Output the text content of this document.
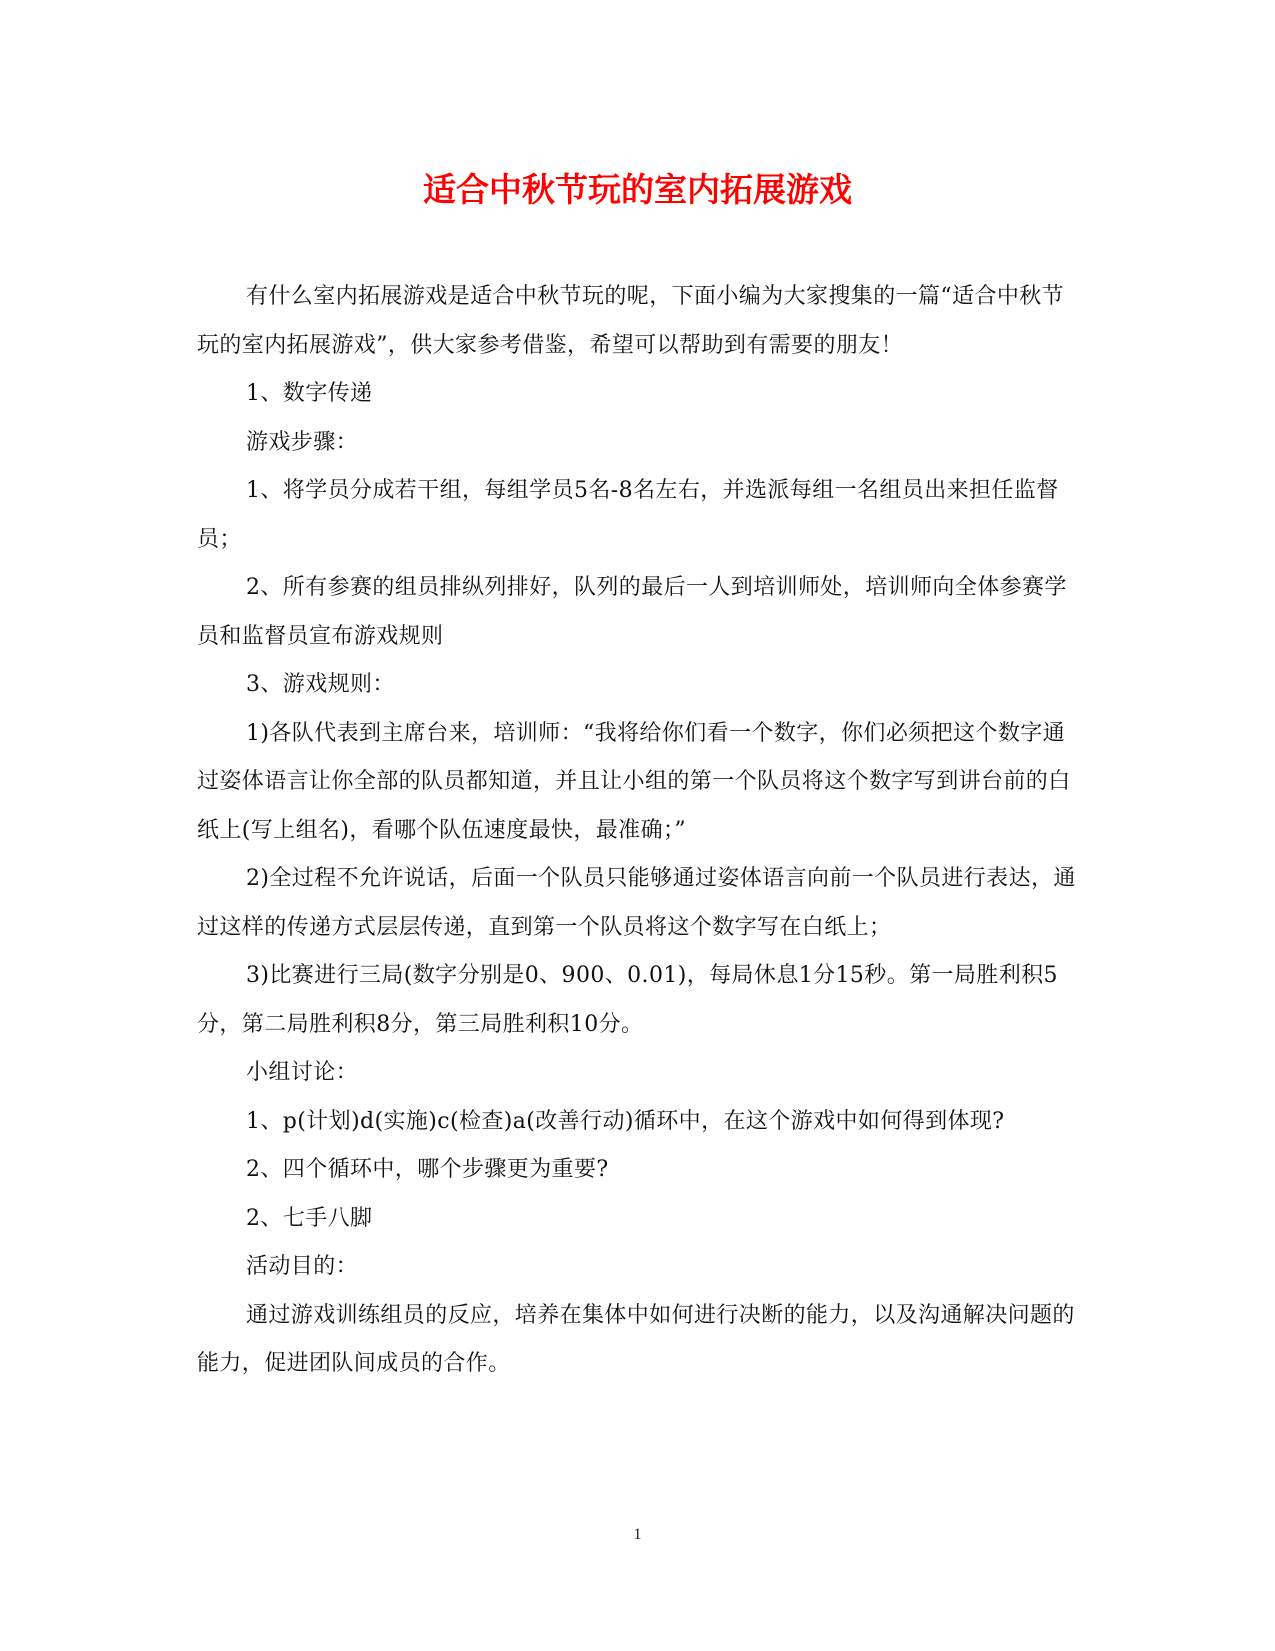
适合中秋节玩的室内拓展游戏

有什么室内拓展游戏是适合中秋节玩的呢，下面小编为大家搜集的一篇“适合中秋节玩的室内拓展游戏”，供大家参考借鉴，希望可以帮助到有需要的朋友！

1、数字传递

游戏步骤：

1、将学员分成若干组，每组学员5名-8名左右，并选派每组一名组员出来担任监督员；

2、所有参赛的组员排纵列排好，队列的最后一人到培训师处，培训师向全体参赛学员和监督员宣布游戏规则

3、游戏规则：

1)各队代表到主席台来，培训师：“我将给你们看一个数字，你们必须把这个数字通过姿体语言让你全部的队员都知道，并且让小组的第一个队员将这个数字写到讲台前的白纸上(写上组名)，看哪个队伍速度最快，最准确；”

2)全过程不允许说话，后面一个队员只能够通过姿体语言向前一个队员进行表达，通过这样的传递方式层层传递，直到第一个队员将这个数字写在白纸上；

3)比赛进行三局(数字分别是0、900、0.01)，每局休息1分15秒。第一局胜利积5分，第二局胜利积8分，第三局胜利积10分。

小组讨论：

1、p(计划)d(实施)c(检查)a(改善行动)循环中，在这个游戏中如何得到体现?

2、四个循环中，哪个步骤更为重要?

2、七手八脚

活动目的：

通过游戏训练组员的反应，培养在集体中如何进行决断的能力，以及沟通解决问题的能力，促进团队间成员的合作。

1
